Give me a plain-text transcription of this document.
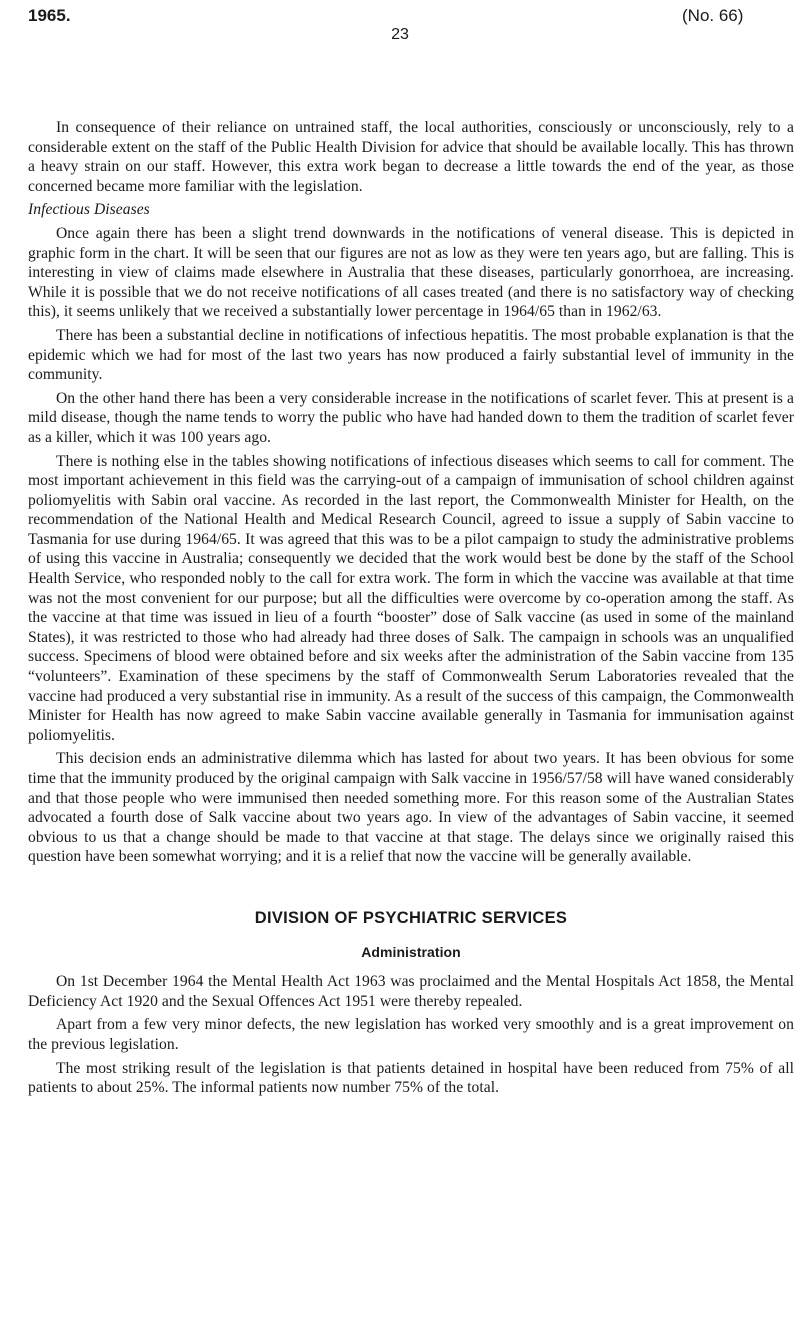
1965.	(No. 66)
23

In consequence of their reliance on untrained staff, the local authorities, consciously or unconsciously, rely to a considerable extent on the staff of the Public Health Division for advice that should be available locally. This has thrown a heavy strain on our staff. However, this extra work began to decrease a little towards the end of the year, as those concerned became more familiar with the legislation.

Infectious Diseases

Once again there has been a slight trend downwards in the notifications of veneral disease. This is depicted in graphic form in the chart. It will be seen that our figures are not as low as they were ten years ago, but are falling. This is interesting in view of claims made elsewhere in Australia that these diseases, particularly gonorrhoea, are increasing. While it is possible that we do not receive notifications of all cases treated (and there is no satisfactory way of checking this), it seems unlikely that we received a substantially lower percentage in 1964/65 than in 1962/63.

There has been a substantial decline in notifications of infectious hepatitis. The most probable explanation is that the epidemic which we had for most of the last two years has now produced a fairly substantial level of immunity in the community.

On the other hand there has been a very considerable increase in the notifications of scarlet fever. This at present is a mild disease, though the name tends to worry the public who have had handed down to them the tradition of scarlet fever as a killer, which it was 100 years ago.

There is nothing else in the tables showing notifications of infectious diseases which seems to call for comment. The most important achievement in this field was the carrying-out of a campaign of immunisation of school children against poliomyelitis with Sabin oral vaccine. As recorded in the last report, the Commonwealth Minister for Health, on the recommendation of the National Health and Medical Research Council, agreed to issue a supply of Sabin vaccine to Tasmania for use during 1964/65. It was agreed that this was to be a pilot campaign to study the administrative problems of using this vaccine in Australia; consequently we decided that the work would best be done by the staff of the School Health Service, who responded nobly to the call for extra work. The form in which the vaccine was available at that time was not the most convenient for our purpose; but all the difficulties were overcome by co-operation among the staff. As the vaccine at that time was issued in lieu of a fourth “booster” dose of Salk vaccine (as used in some of the mainland States), it was restricted to those who had already had three doses of Salk. The campaign in schools was an unqualified success. Specimens of blood were obtained before and six weeks after the administration of the Sabin vaccine from 135 “volunteers”. Examination of these specimens by the staff of Commonwealth Serum Laboratories revealed that the vaccine had produced a very substantial rise in immunity. As a result of the success of this campaign, the Commonwealth Minister for Health has now agreed to make Sabin vaccine available generally in Tasmania for immunisation against poliomyelitis.

This decision ends an administrative dilemma which has lasted for about two years. It has been obvious for some time that the immunity produced by the original campaign with Salk vaccine in 1956/57/58 will have waned considerably and that those people who were immunised then needed something more. For this reason some of the Australian States advocated a fourth dose of Salk vaccine about two years ago. In view of the advantages of Sabin vaccine, it seemed obvious to us that a change should be made to that vaccine at that stage. The delays since we originally raised this question have been somewhat worrying; and it is a relief that now the vaccine will be generally available.

DIVISION OF PSYCHIATRIC SERVICES
Administration

On 1st December 1964 the Mental Health Act 1963 was proclaimed and the Mental Hospitals Act 1858, the Mental Deficiency Act 1920 and the Sexual Offences Act 1951 were thereby repealed.

Apart from a few very minor defects, the new legislation has worked very smoothly and is a great improvement on the previous legislation.

The most striking result of the legislation is that patients detained in hospital have been reduced from 75% of all patients to about 25%. The informal patients now number 75% of the total.
